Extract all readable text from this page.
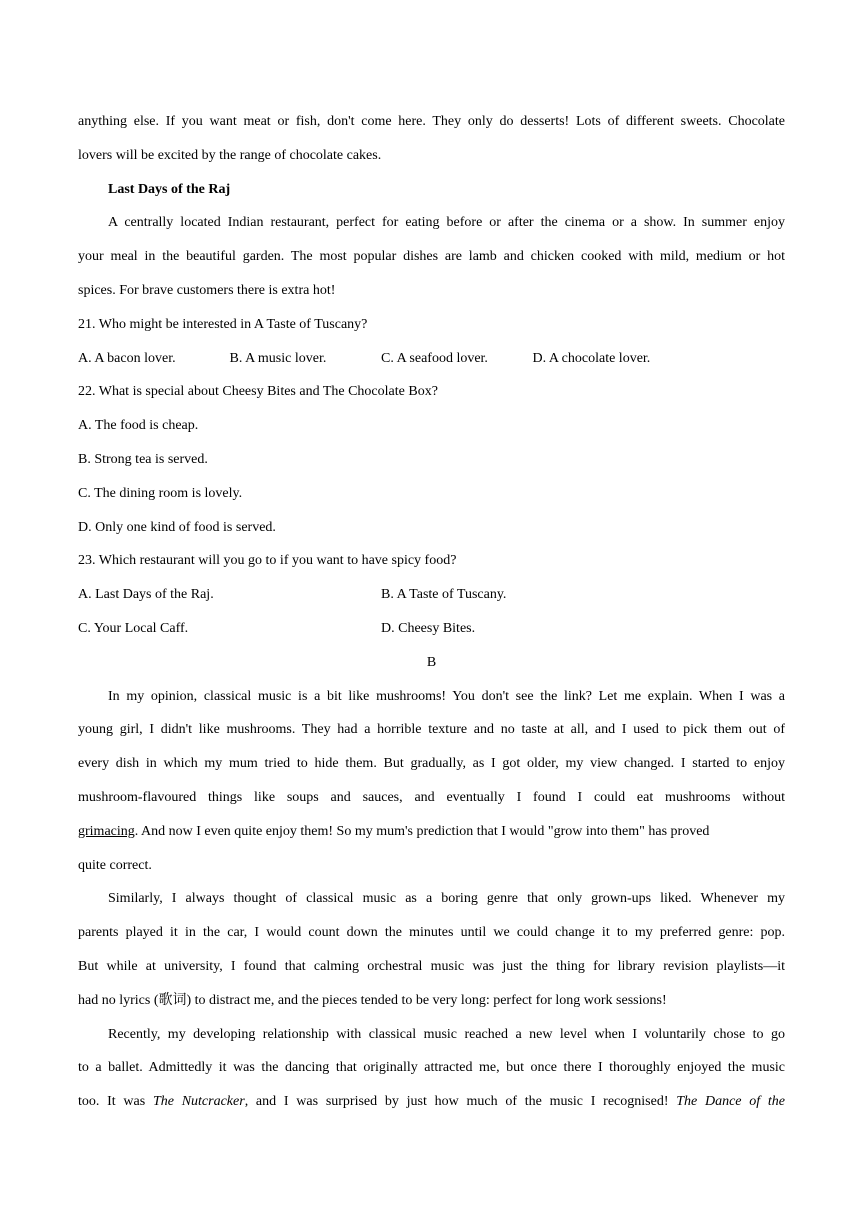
anything else. If you want meat or fish, don't come here. They only do desserts! Lots of different sweets. Chocolate
lovers will be excited by the range of chocolate cakes.
Last Days of the Raj
A centrally located Indian restaurant, perfect for eating before or after the cinema or a show. In summer enjoy
your meal in the beautiful garden. The most popular dishes are lamb and chicken cooked with mild, medium or hot
spices. For brave customers there is extra hot!
21. Who might be interested in A Taste of Tuscany?
A. A bacon lover.	B. A music lover.	C. A seafood lover.	D. A chocolate lover.
22. What is special about Cheesy Bites and The Chocolate Box?
A. The food is cheap.
B. Strong tea is served.
C. The dining room is lovely.
D. Only one kind of food is served.
23. Which restaurant will you go to if you want to have spicy food?
A. Last Days of the Raj.	B. A Taste of Tuscany.
C. Your Local Caff.	D. Cheesy Bites.
B
In my opinion, classical music is a bit like mushrooms! You don't see the link? Let me explain. When I was a
young girl, I didn't like mushrooms. They had a horrible texture and no taste at all, and I used to pick them out of
every dish in which my mum tried to hide them. But gradually, as I got older, my view changed. I started to enjoy
mushroom-flavoured things like soups and sauces, and eventually I found I could eat mushrooms without
grimacing. And now I even quite enjoy them! So my mum's prediction that I would "grow into them" has proved
quite correct.
Similarly, I always thought of classical music as a boring genre that only grown-ups liked. Whenever my
parents played it in the car, I would count down the minutes until we could change it to my preferred genre: pop.
But while at university, I found that calming orchestral music was just the thing for library revision playlists—it
had no lyrics (歌词) to distract me, and the pieces tended to be very long: perfect for long work sessions!
Recently, my developing relationship with classical music reached a new level when I voluntarily chose to go
to a ballet. Admittedly it was the dancing that originally attracted me, but once there I thoroughly enjoyed the music
too. It was The Nutcracker, and I was surprised by just how much of the music I recognised! The Dance of the
